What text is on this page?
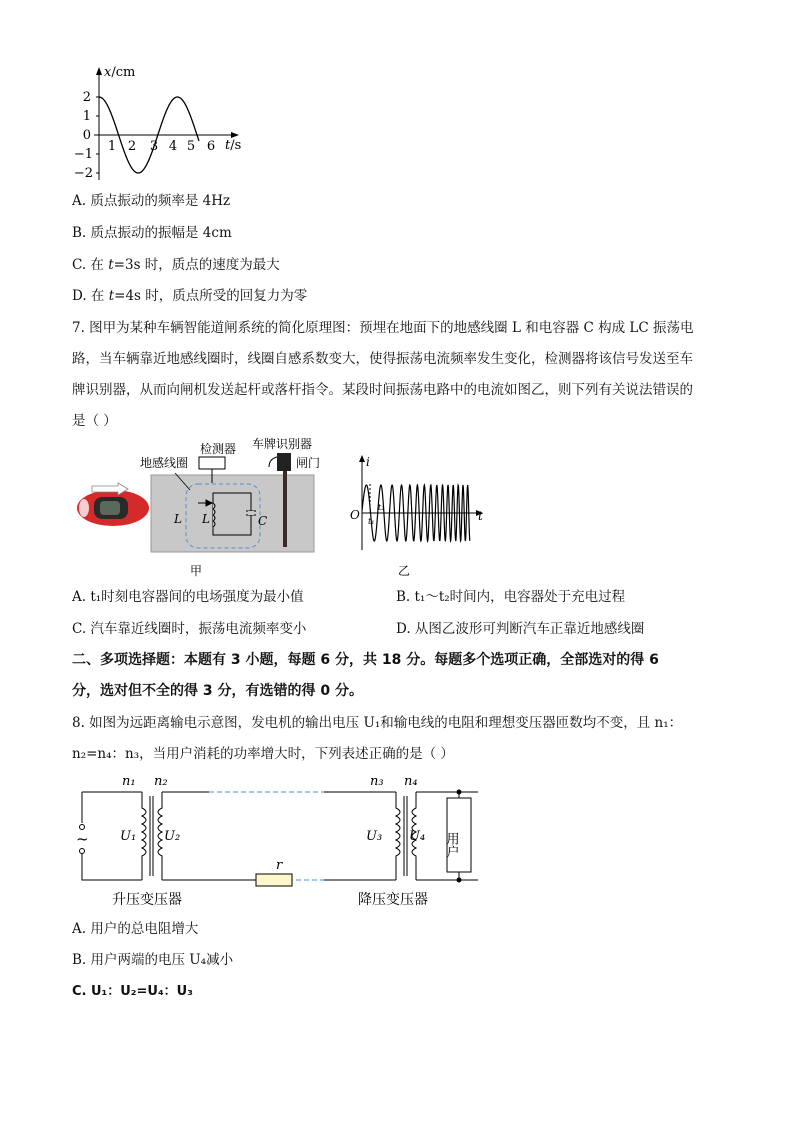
x/cm
t/s
2
1
0
−1
−2
1 2 3 4 5 6
A. 质点振动的频率是 4Hz
B. 质点振动的振幅是 4cm
C. 在 t=3s 时，质点的速度为最大
D. 在 t=4s 时，质点所受的回复力为零
7. 图甲为某种车辆智能道闸系统的简化原理图：预埋在地面下的地感线圈 L 和电容器 C 构成 LC 振荡电
路，当车辆靠近地感线圈时，线圈自感系数变大，使得振荡电流频率发生变化，检测器将该信号发送至车
牌识别器，从而向闸机发送起杆或落杆指令。某段时间振荡电路中的电流如图乙，则下列有关说法错误的
是（ ）
检测器 车牌识别器
地感线圈	闸门
L L	C
甲
i
O	t
t₁
t₂
乙
A. t₁时刻电容器间的电场强度为最小值	B. t₁～t₂时间内，电容器处于充电过程
C. 汽车靠近线圈时，振荡电流频率变小	D. 从图乙波形可判断汽车正靠近地感线圈
二、多项选择题：本题有 3 小题，每题 6 分，共 18 分。每题多个选项正确，全部选对的得 6
分，选对但不全的得 3 分，有选错的得 0 分。
8. 如图为远距离输电示意图，发电机的输出电压 U₁和输电线的电阻和理想变压器匝数均不变，且 n₁：
n₂=n₄：n₃，当用户消耗的功率增大时，下列表述正确的是（ ）
n₁ n₂	n₃ n₄
U₁ U₂	U₃ U₄
r
~	用户
升压变压器	降压变压器
A. 用户的总电阻增大
B. 用户两端的电压 U₄减小
C. U₁：U₂=U₄：U₃
